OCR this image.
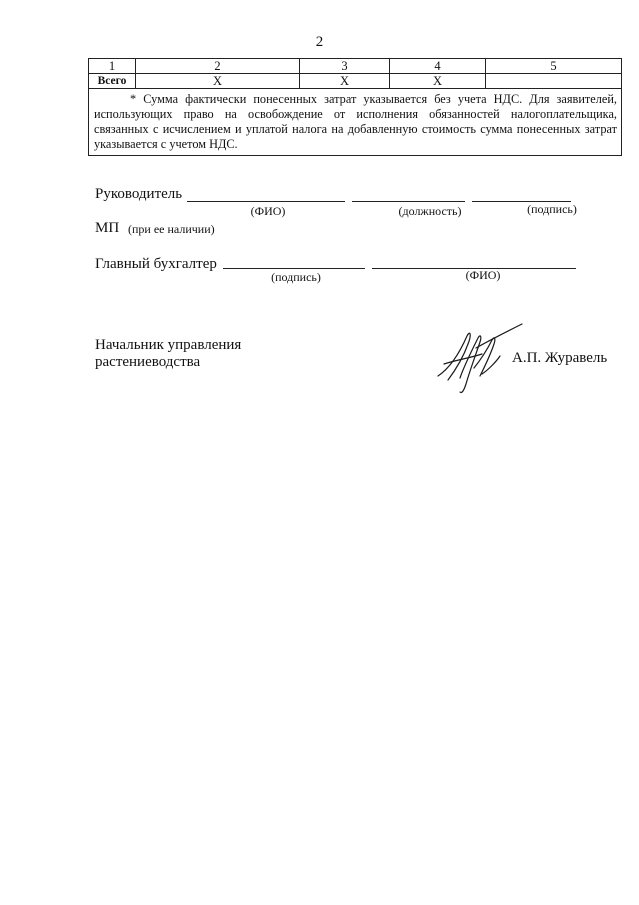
2
1	2	3	4	5
Всего	Х	Х	Х	
* Сумма фактически понесенных затрат указывается без учета НДС. Для заявителей, использующих право на освобождение от исполнения обязанностей налогоплательщика, связанных с исчислением и уплатой налога на добавленную стоимость сумма понесенных затрат указывается с учетом НДС.				
Руководитель
(ФИО)	(должность)	(подпись)
МП (при ее наличии)
Главный бухгалтер
(подпись)	(ФИО)
Начальник управления
растениеводства	А.П. Журавель
